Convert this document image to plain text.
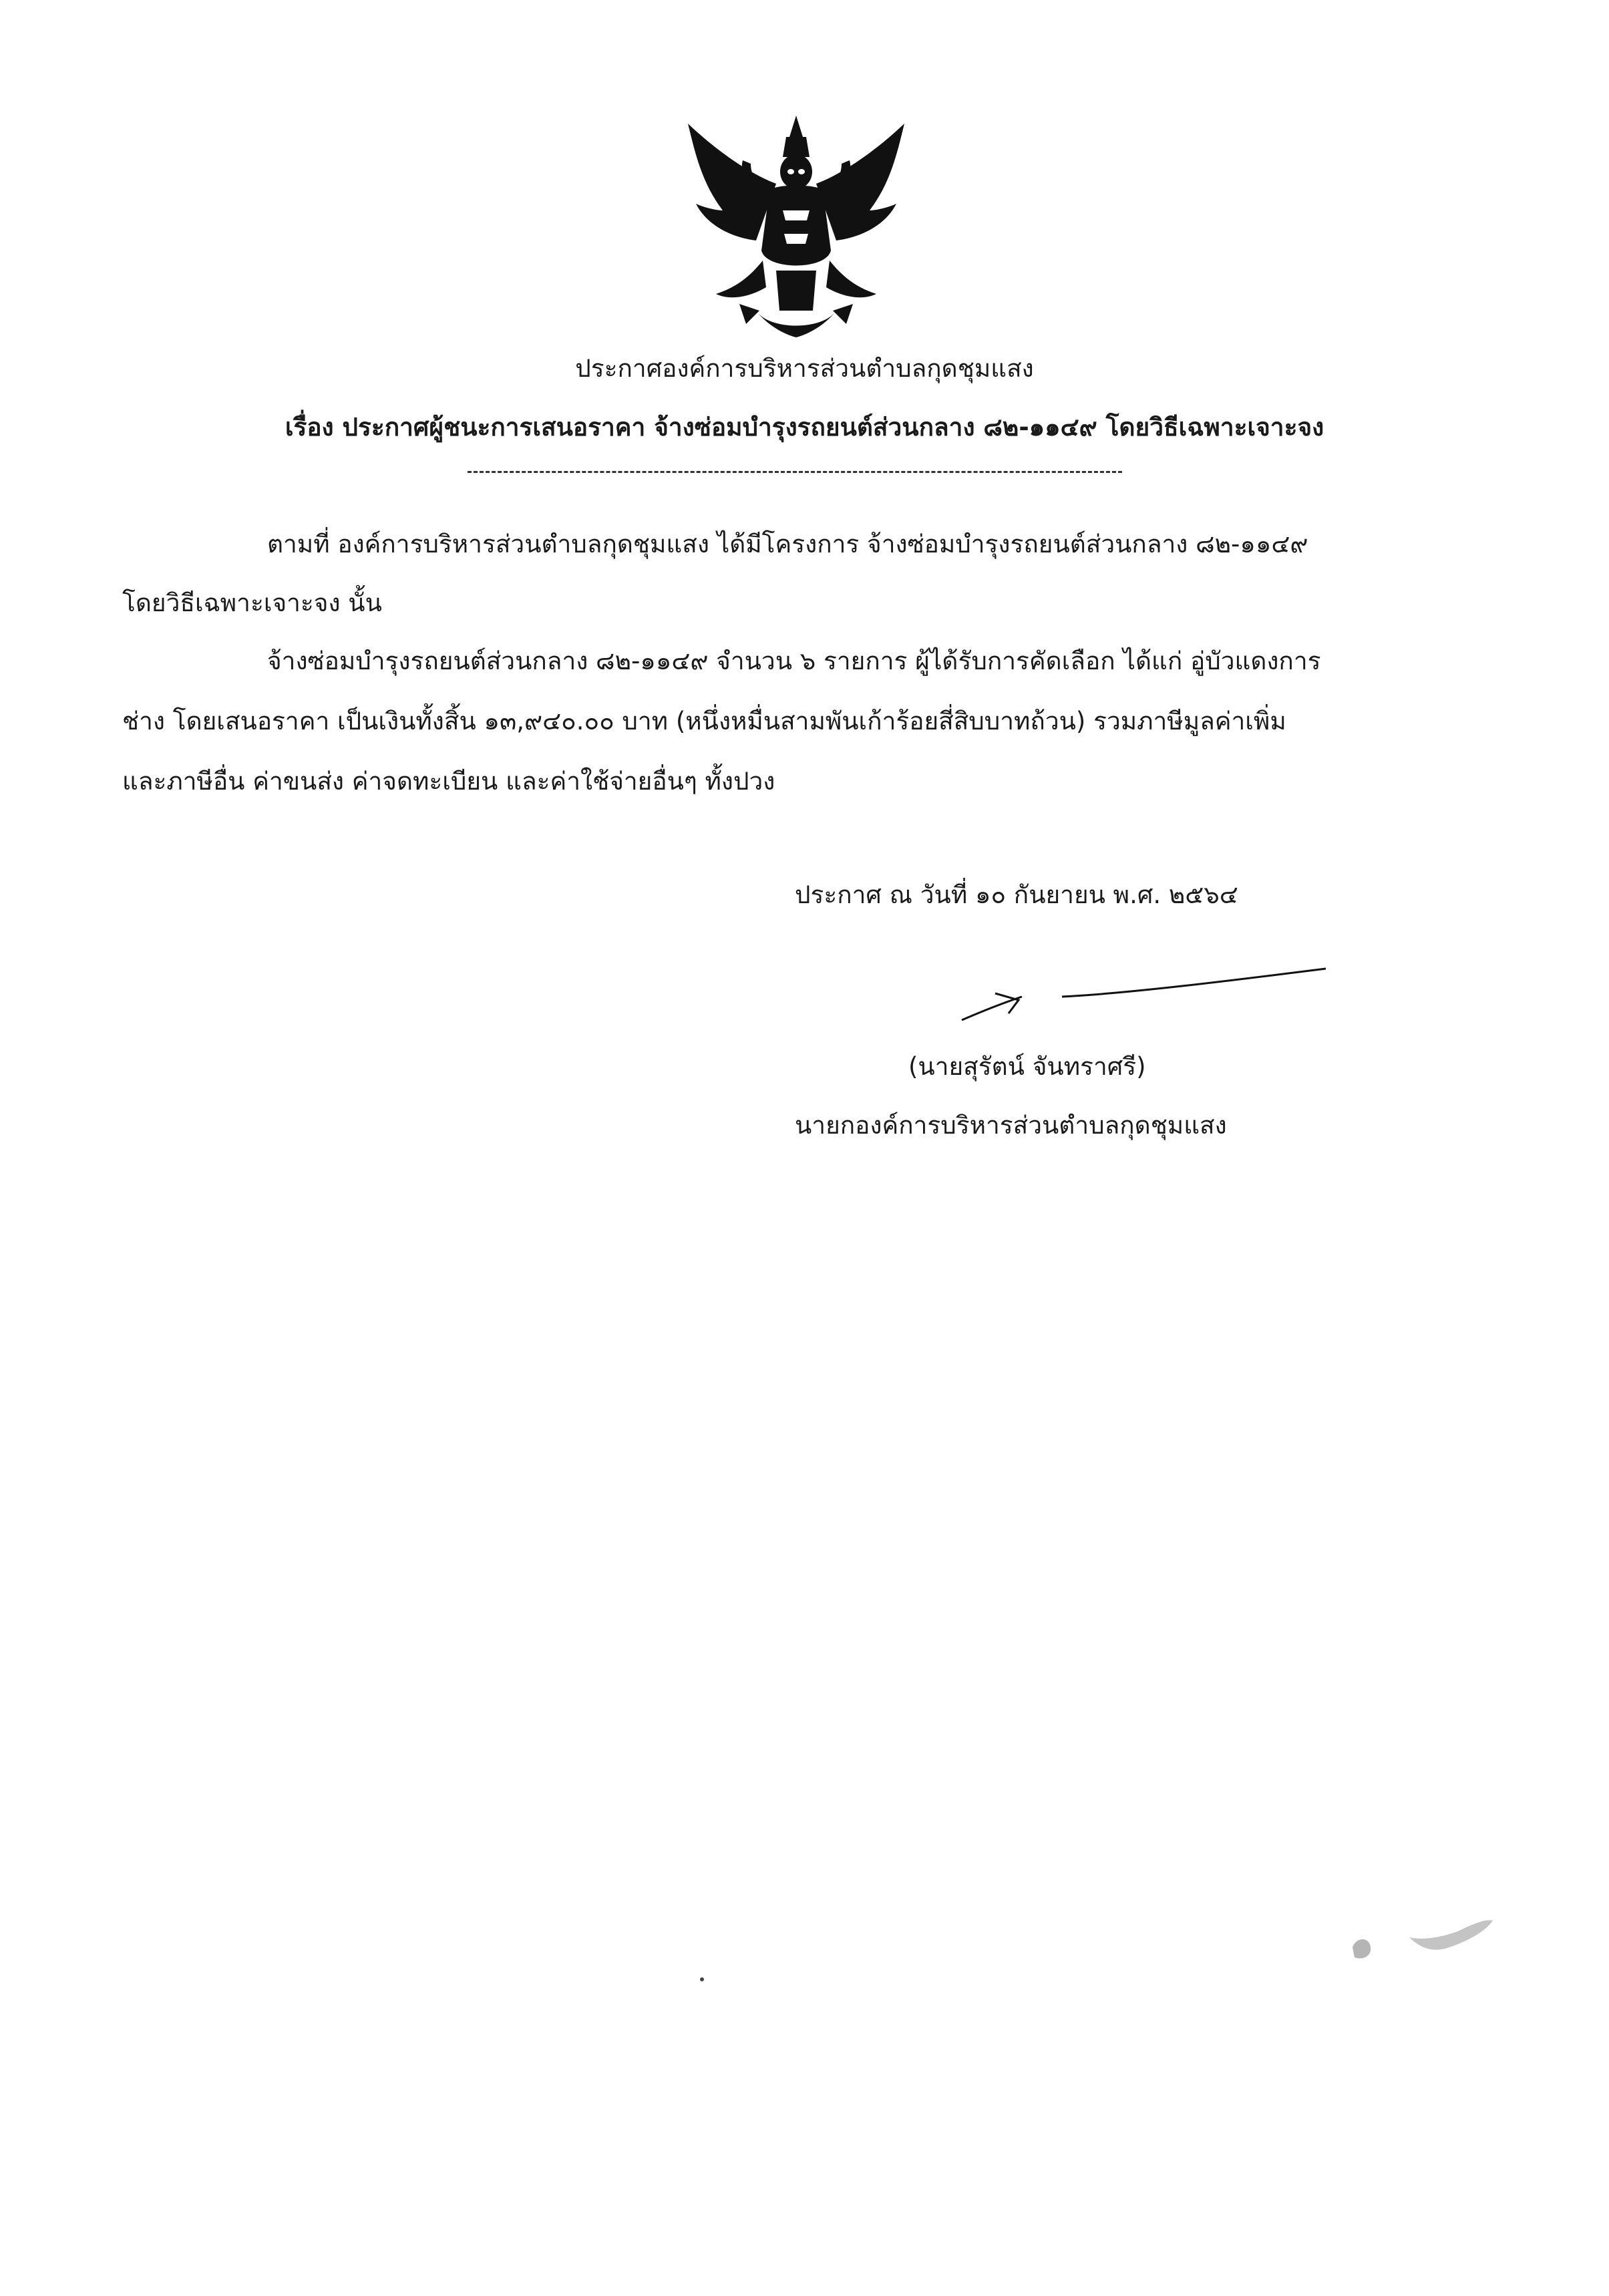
ประกาศองค์การบริหารส่วนตำบลกุดชุมแสง
เรื่อง ประกาศผู้ชนะการเสนอราคา จ้างซ่อมบำรุงรถยนต์ส่วนกลาง ๘๒-๑๑๔๙ โดยวิธีเฉพาะเจาะจง
ตามที่ องค์การบริหารส่วนตำบลกุดชุมแสง ได้มีโครงการ จ้างซ่อมบำรุงรถยนต์ส่วนกลาง ๘๒-๑๑๔๙
โดยวิธีเฉพาะเจาะจง นั้น
จ้างซ่อมบำรุงรถยนต์ส่วนกลาง ๘๒-๑๑๔๙ จำนวน ๖ รายการ ผู้ได้รับการคัดเลือก ได้แก่ อู่บัวแดงการ
ช่าง โดยเสนอราคา เป็นเงินทั้งสิ้น ๑๓,๙๔๐.๐๐ บาท (หนึ่งหมื่นสามพันเก้าร้อยสี่สิบบาทถ้วน) รวมภาษีมูลค่าเพิ่ม
และภาษีอื่น ค่าขนส่ง ค่าจดทะเบียน และค่าใช้จ่ายอื่นๆ ทั้งปวง
ประกาศ ณ วันที่ ๑๐ กันยายน พ.ศ. ๒๕๖๔
(นายสุรัตน์ จันทราศรี)
นายกองค์การบริหารส่วนตำบลกุดชุมแสง
